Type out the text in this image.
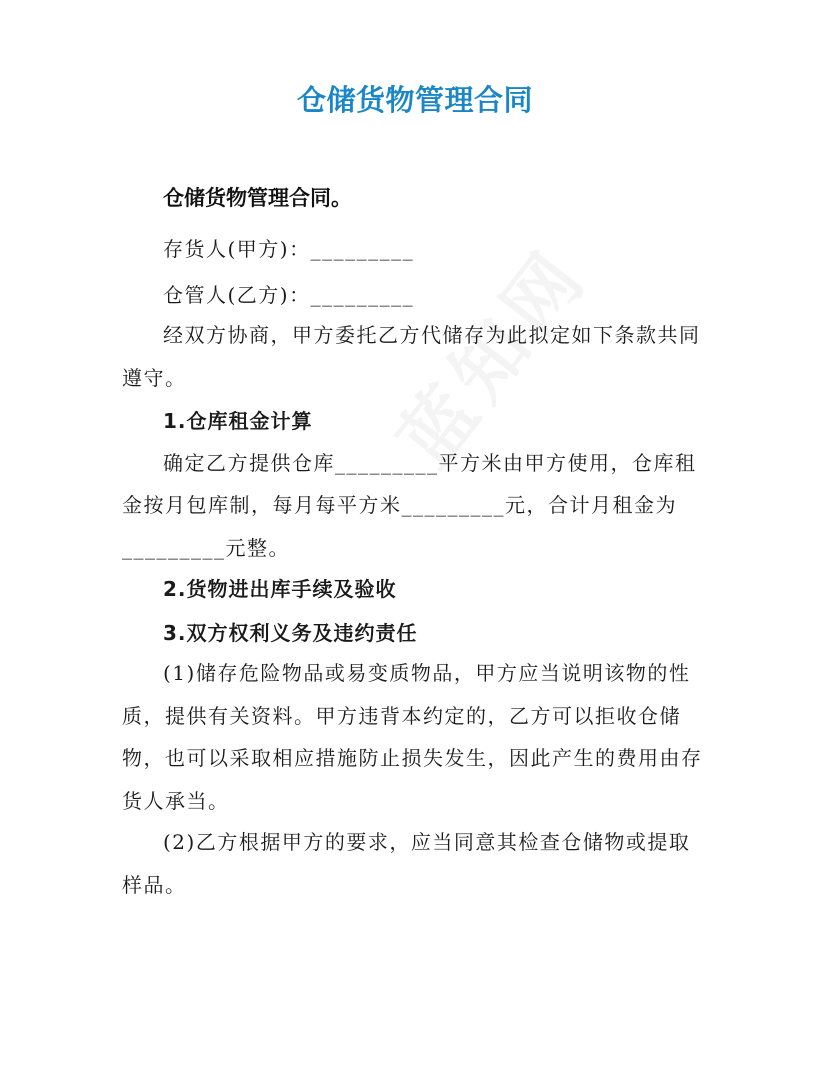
仓储货物管理合同
仓储货物管理合同。
存货人(甲方)：_________
仓管人(乙方)：_________
经双方协商，甲方委托乙方代储存为此拟定如下条款共同
遵守。
1.仓库租金计算
确定乙方提供仓库_________平方米由甲方使用，仓库租
金按月包库制，每月每平方米_________元，合计月租金为
_________元整。
2.货物进出库手续及验收
3.双方权利义务及违约责任
(1)储存危险物品或易变质物品，甲方应当说明该物的性
质，提供有关资料。甲方违背本约定的，乙方可以拒收仓储
物，也可以采取相应措施防止损失发生，因此产生的费用由存
货人承当。
(2)乙方根据甲方的要求，应当同意其检查仓储物或提取
样品。
